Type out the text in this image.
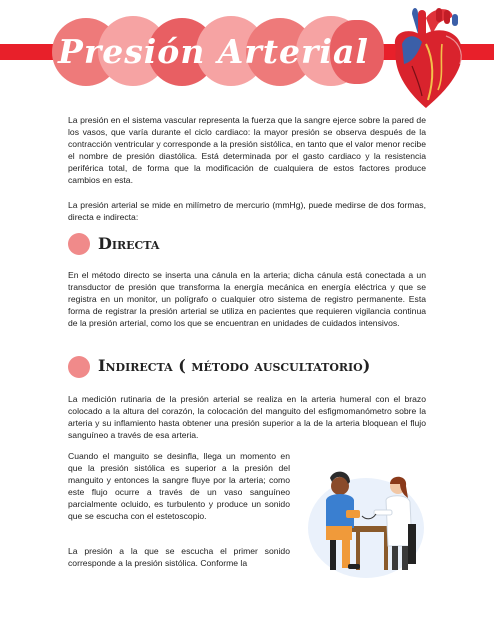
Presión Arterial

La presión en el sistema vascular representa la fuerza que la sangre ejerce sobre la pared de los vasos, que varía durante el ciclo cardiaco: la mayor presión se observa después de la contracción ventricular y corresponde a la presión sistólica, en tanto que el valor menor recibe el nombre de presión diastólica. Está determinada por el gasto cardiaco y la resistencia periférica total, de forma que la modificación de cualquiera de estos factores produce cambios en esta.

La presión arterial se mide en milímetro de mercurio (mmHg), puede medirse de dos formas, directa e indirecta:

Directa

En el método directo se inserta una cánula en la arteria; dicha cánula está conectada a un transductor de presión que transforma la energía mecánica en energía eléctrica y que se registra en un monitor, un polígrafo o cualquier otro sistema de registro permanente. Esta forma de registrar la presión arterial se utiliza en pacientes que requieren vigilancia continua de la presión arterial, como los que se encuentran en unidades de cuidados intensivos.

Indirecta ( método auscultatorio)

La medición rutinaria de la presión arterial se realiza en la arteria humeral con el brazo colocado a la altura del corazón, la colocación del manguito del esfigmomanómetro sobre la arteria y su inflamiento hasta obtener una presión superior a la de la arteria bloquean el flujo sanguíneo a través de esa arteria.

Cuando el manguito se desinfla, llega un momento en que la presión sistólica es superior a la presión del manguito y entonces la sangre fluye por la arteria; como este flujo ocurre a través de un vaso sanguíneo parcialmente ocluido, es turbulento y produce un sonido que se escucha con el estetoscopio.

La presión a la que se escucha el primer sonido corresponde a la presión sistólica. Conforme la
